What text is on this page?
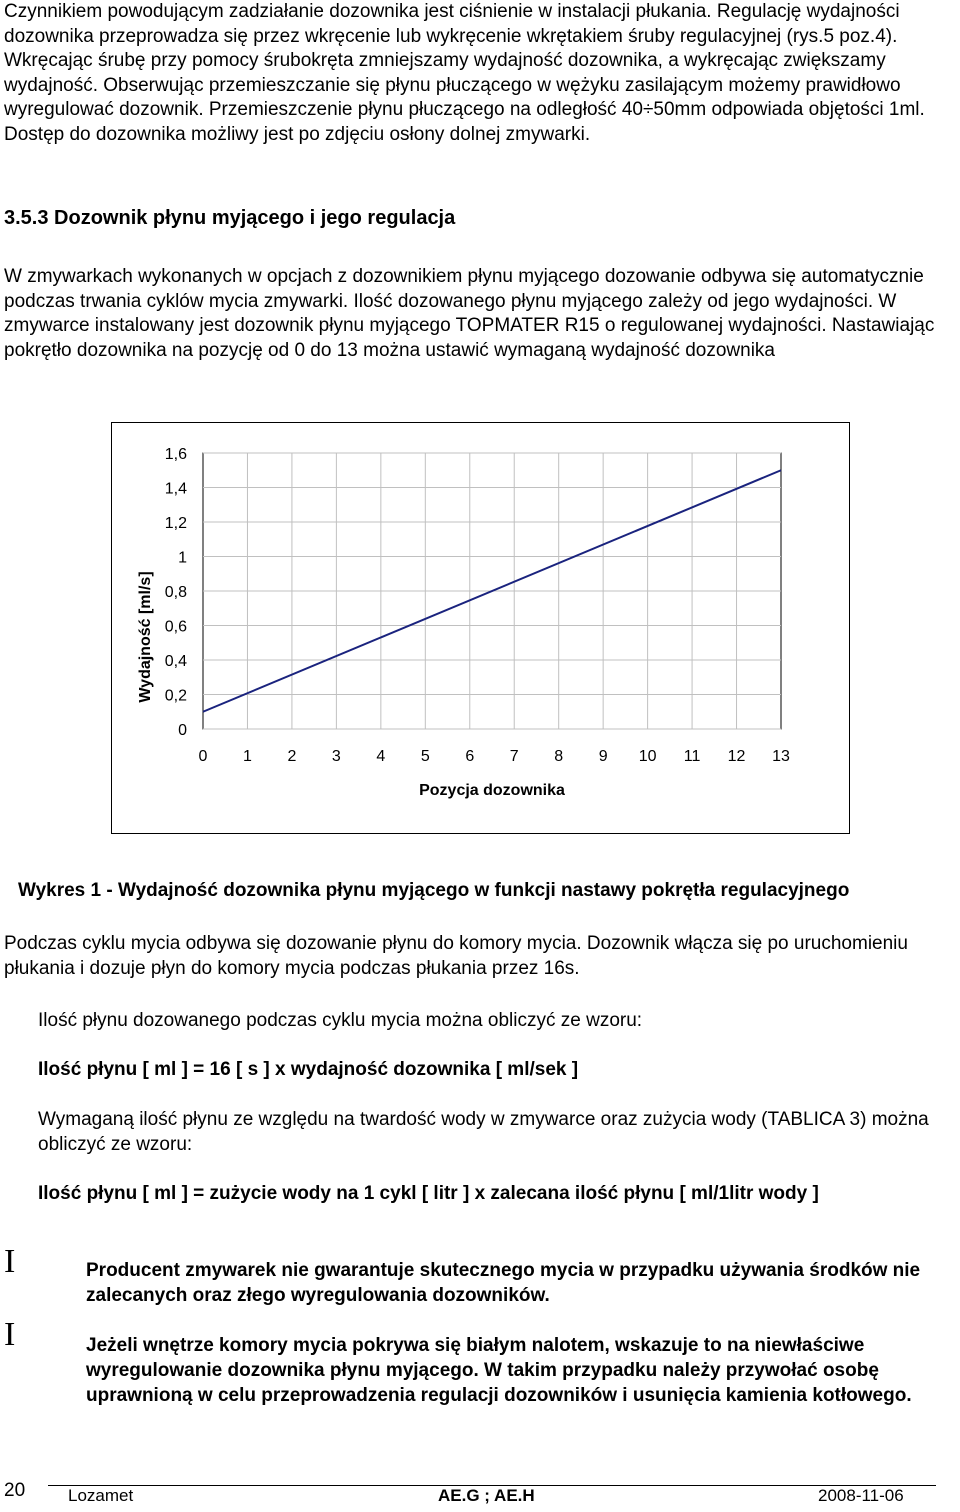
Czynnikiem powodującym zadziałanie dozownika jest ciśnienie w instalacji płukania. Regulację wydajności dozownika przeprowadza się przez wkręcenie lub wykręcenie wkrętakiem śruby regulacyjnej (rys.5 poz.4). Wkręcając śrubę przy pomocy śrubokręta zmniejszamy wydajność dozownika, a wykręcając zwiększamy wydajność. Obserwując przemieszczanie się płynu płuczącego w wężyku zasilającym możemy prawidłowo wyregulować dozownik. Przemieszczenie płynu płuczącego na odległość 40÷50mm odpowiada objętości 1ml. Dostęp do dozownika możliwy jest po zdjęciu osłony dolnej zmywarki.

3.5.3 Dozownik płynu myjącego i jego regulacja

W zmywarkach wykonanych w opcjach z dozownikiem płynu myjącego dozowanie odbywa się automatycznie podczas trwania cyklów mycia zmywarki. Ilość dozowanego płynu myjącego zależy od jego wydajności. W zmywarce instalowany jest dozownik płynu myjącego TOPMATER R15 o regulowanej wydajności. Nastawiając pokrętło dozownika na pozycję od 0 do 13 można ustawić wymaganą wydajność dozownika

0
0,2
0,4
0,6
0,8
1
1,2
1,4
1,6
0 1 2 3 4 5 6 7 8 9 10 11 12 13
Pozycja dozownika
Wydajność [ml/s]

Wykres 1 - Wydajność dozownika płynu myjącego w funkcji nastawy pokrętła regulacyjnego

Podczas cyklu mycia odbywa się dozowanie płynu do komory mycia. Dozownik włącza się po uruchomieniu płukania i dozuje płyn do komory mycia podczas płukania przez 16s.

Ilość płynu dozowanego podczas cyklu mycia można obliczyć ze wzoru:

Ilość płynu [ ml ] = 16 [ s ] x wydajność dozownika [ ml/sek ]

Wymaganą ilość płynu ze względu na twardość wody w zmywarce oraz zużycia wody (TABLICA 3) można obliczyć ze wzoru:

Ilość płynu [ ml ] = zużycie wody na 1 cykl [ litr ] x zalecana ilość płynu [ ml/1litr wody ]

I	Producent zmywarek nie gwarantuje skutecznego mycia w przypadku używania środków nie zalecanych oraz złego wyregulowania dozowników.

I	Jeżeli wnętrze komory mycia pokrywa się białym nalotem, wskazuje to na niewłaściwe wyregulowanie dozownika płynu myjącego. W takim przypadku należy przywołać osobę uprawnioną w celu przeprowadzenia regulacji dozowników i usunięcia kamienia kotłowego.

20	Lozamet	AE.G ; AE.H	2008-11-06
